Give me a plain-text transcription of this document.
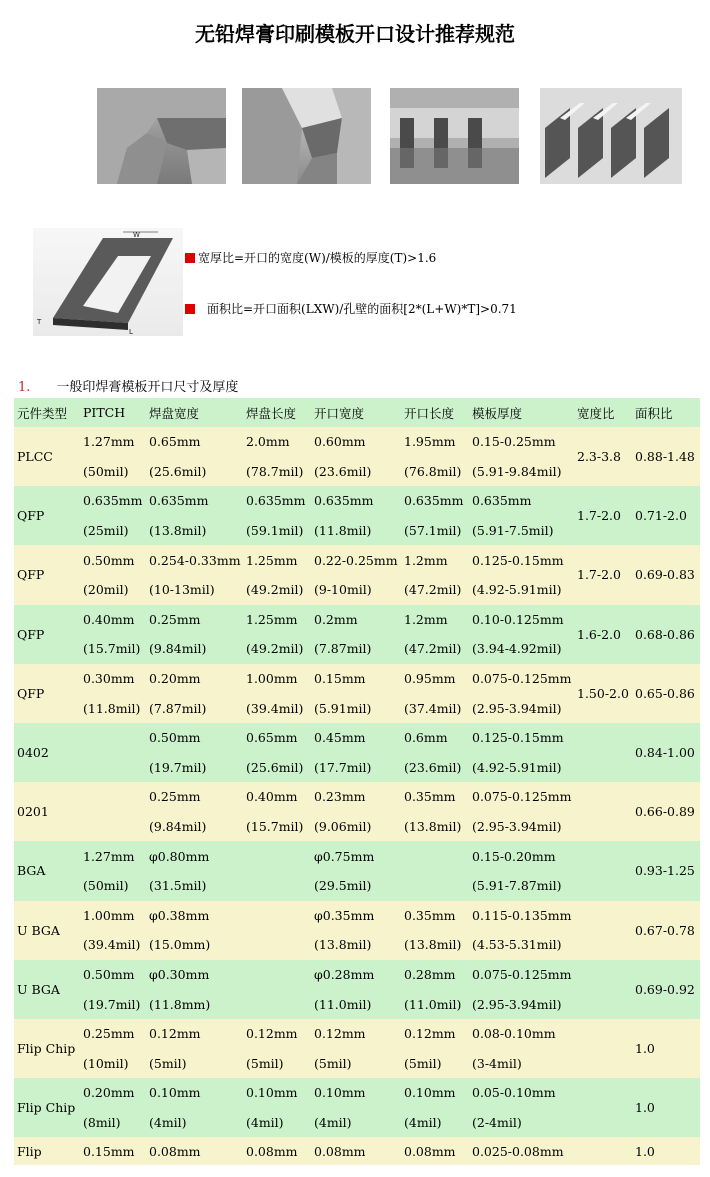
无铅焊膏印刷模板开口设计推荐规范
W
T
L
宽厚比=开口的宽度(W)/模板的厚度(T)>1.6
面积比=开口面积(LXW)/孔壁的面积[2*(L+W)*T]>0.71
1. 一般印焊膏模板开口尺寸及厚度
元件类型	PITCH	焊盘宽度	焊盘长度	开口宽度	开口长度	模板厚度	宽度比	面积比
PLCC	1.27mm	0.65mm	2.0mm	0.60mm	1.95mm	0.15-0.25mm	2.3-3.8	0.88-1.48
	(50mil)	(25.6mil)	(78.7mil)	(23.6mil)	(76.8mil)	(5.91-9.84mil)		
QFP	0.635mm	0.635mm	0.635mm	0.635mm	0.635mm	0.635mm	1.7-2.0	0.71-2.0
	(25mil)	(13.8mil)	(59.1mil)	(11.8mil)	(57.1mil)	(5.91-7.5mil)		
QFP	0.50mm	0.254-0.33mm	1.25mm	0.22-0.25mm	1.2mm	0.125-0.15mm	1.7-2.0	0.69-0.83
	(20mil)	(10-13mil)	(49.2mil)	(9-10mil)	(47.2mil)	(4.92-5.91mil)		
QFP	0.40mm	0.25mm	1.25mm	0.2mm	1.2mm	0.10-0.125mm	1.6-2.0	0.68-0.86
	(15.7mil)	(9.84mil)	(49.2mil)	(7.87mil)	(47.2mil)	(3.94-4.92mil)		
QFP	0.30mm	0.20mm	1.00mm	0.15mm	0.95mm	0.075-0.125mm	1.50-2.0	0.65-0.86
	(11.8mil)	(7.87mil)	(39.4mil)	(5.91mil)	(37.4mil)	(2.95-3.94mil)		
0402		0.50mm	0.65mm	0.45mm	0.6mm	0.125-0.15mm		0.84-1.00
		(19.7mil)	(25.6mil)	(17.7mil)	(23.6mil)	(4.92-5.91mil)		
0201		0.25mm	0.40mm	0.23mm	0.35mm	0.075-0.125mm		0.66-0.89
		(9.84mil)	(15.7mil)	(9.06mil)	(13.8mil)	(2.95-3.94mil)		
BGA	1.27mm	φ0.80mm		φ0.75mm		0.15-0.20mm		0.93-1.25
	(50mil)	(31.5mil)		(29.5mil)		(5.91-7.87mil)		
U BGA	1.00mm	φ0.38mm		φ0.35mm	0.35mm	0.115-0.135mm		0.67-0.78
	(39.4mil)	(15.0mm)		(13.8mil)	(13.8mil)	(4.53-5.31mil)		
U BGA	0.50mm	φ0.30mm		φ0.28mm	0.28mm	0.075-0.125mm		0.69-0.92
	(19.7mil)	(11.8mm)		(11.0mil)	(11.0mil)	(2.95-3.94mil)		
Flip Chip	0.25mm	0.12mm	0.12mm	0.12mm	0.12mm	0.08-0.10mm		1.0
	(10mil)	(5mil)	(5mil)	(5mil)	(5mil)	(3-4mil)		
Flip Chip	0.20mm	0.10mm	0.10mm	0.10mm	0.10mm	0.05-0.10mm		1.0
	(8mil)	(4mil)	(4mil)	(4mil)	(4mil)	(2-4mil)		
Flip	0.15mm	0.08mm	0.08mm	0.08mm	0.08mm	0.025-0.08mm		1.0
